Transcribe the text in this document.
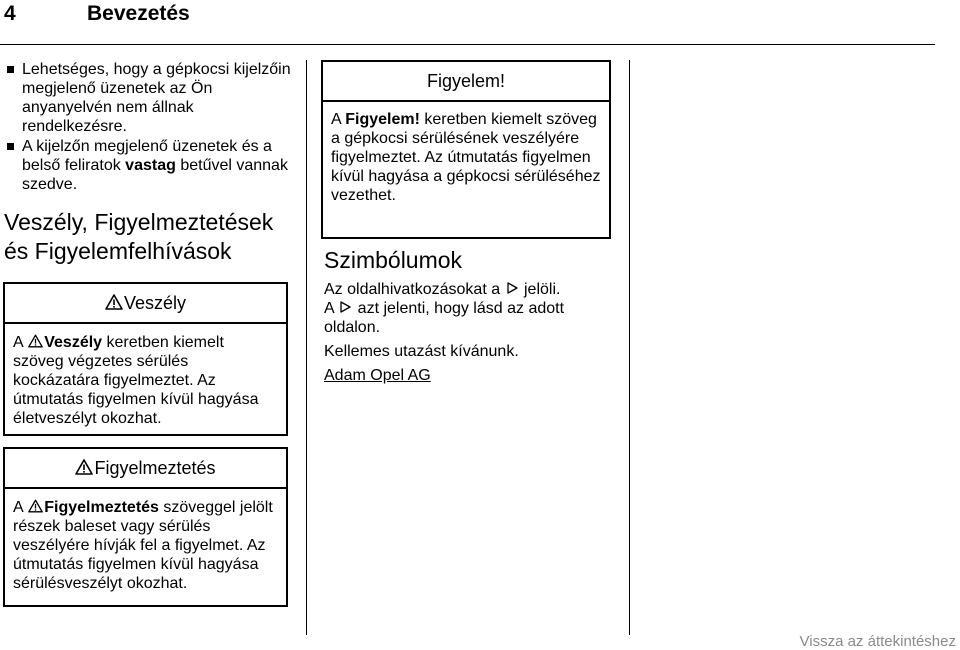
4	Bevezetés
Lehetséges, hogy a gépkocsi kijelzőin megjelenő üzenetek az Ön anyanyelvén nem állnak rendelkezésre.
A kijelzőn megjelenő üzenetek és a belső feliratok vastag betűvel vannak szedve.
Veszély, Figyelmeztetések
és Figyelemfelhívások
Veszély
A Veszély keretben kiemelt szöveg végzetes sérülés kockázatára figyelmeztet. Az útmutatás figyelmen kívül hagyása életveszélyt okozhat.
Figyelmeztetés
A Figyelmeztetés szöveggel jelölt részek baleset vagy sérülés veszélyére hívják fel a figyelmet. Az útmutatás figyelmen kívül hagyása sérülésveszélyt okozhat.
Figyelem!
A Figyelem! keretben kiemelt szöveg a gépkocsi sérülésének veszélyére figyelmeztet. Az útmutatás figyelmen kívül hagyása a gépkocsi sérüléséhez vezethet.
Szimbólumok
Az oldalhivatkozásokat a  jelöli.
A  azt jelenti, hogy lásd az adott oldalon.
Kellemes utazást kívánunk.
Adam Opel AG
Vissza az áttekintéshez
